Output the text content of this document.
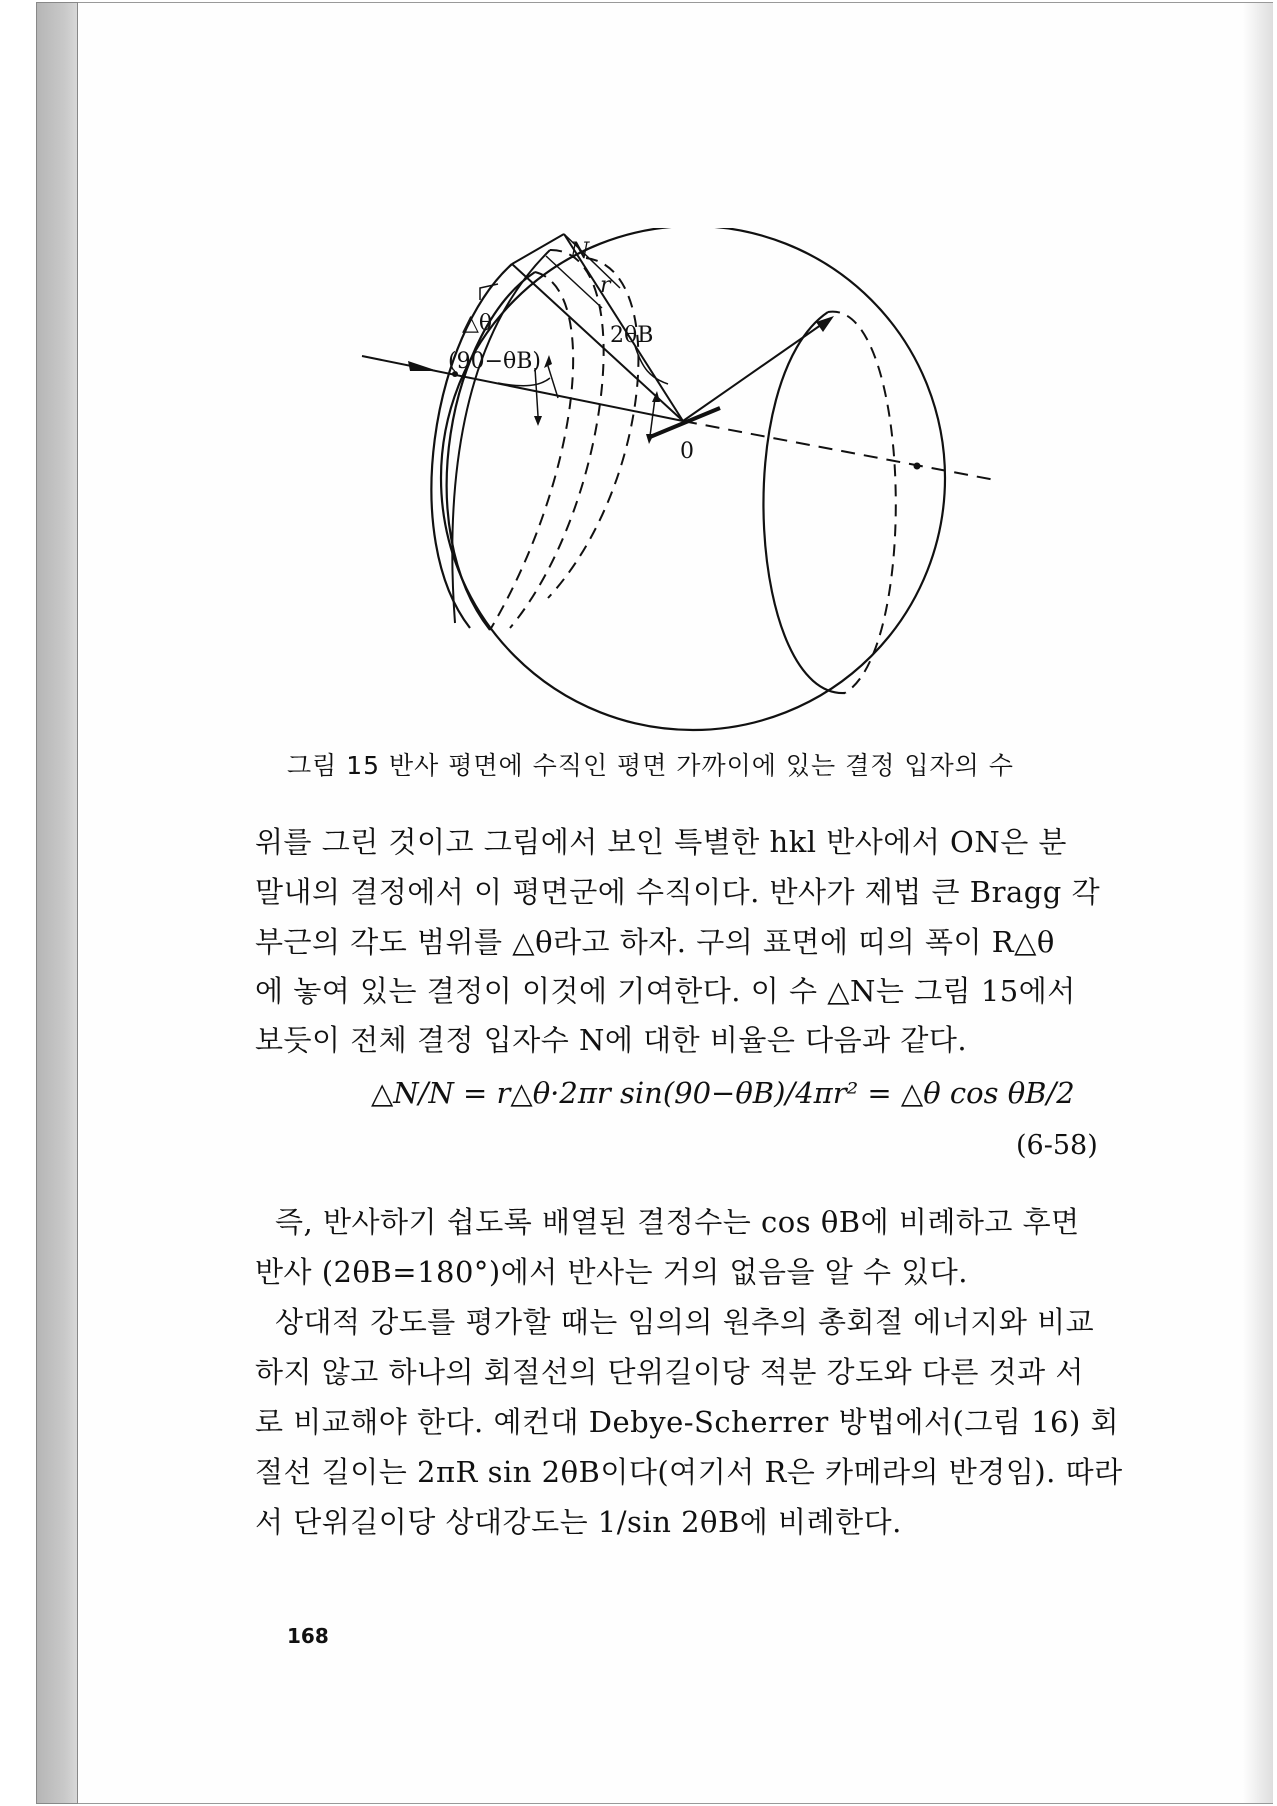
N
r
△θ
(90−θB)
2θB
0
그림 15 반사 평면에 수직인 평면 가까이에 있는 결정 입자의 수
위를 그린 것이고 그림에서 보인 특별한 hkl 반사에서 ON은 분
말내의 결정에서 이 평면군에 수직이다. 반사가 제법 큰 Bragg 각
부근의 각도 범위를 △θ라고 하자. 구의 표면에 띠의 폭이 R△θ
에 놓여 있는 결정이 이것에 기여한다. 이 수 △N는 그림 15에서
보듯이 전체 결정 입자수 N에 대한 비율은 다음과 같다.
△N/N = r△θ·2πr sin(90−θB)/4πr² = △θ cos θB/2
(6-58)
즉, 반사하기 쉽도록 배열된 결정수는 cos θB에 비례하고 후면
반사 (2θB=180°)에서 반사는 거의 없음을 알 수 있다.
상대적 강도를 평가할 때는 임의의 원추의 총회절 에너지와 비교
하지 않고 하나의 회절선의 단위길이당 적분 강도와 다른 것과 서
로 비교해야 한다. 예컨대 Debye-Scherrer 방법에서(그림 16) 회
절선 길이는 2πR sin 2θB이다(여기서 R은 카메라의 반경임). 따라
서 단위길이당 상대강도는 1/sin 2θB에 비례한다.
168
